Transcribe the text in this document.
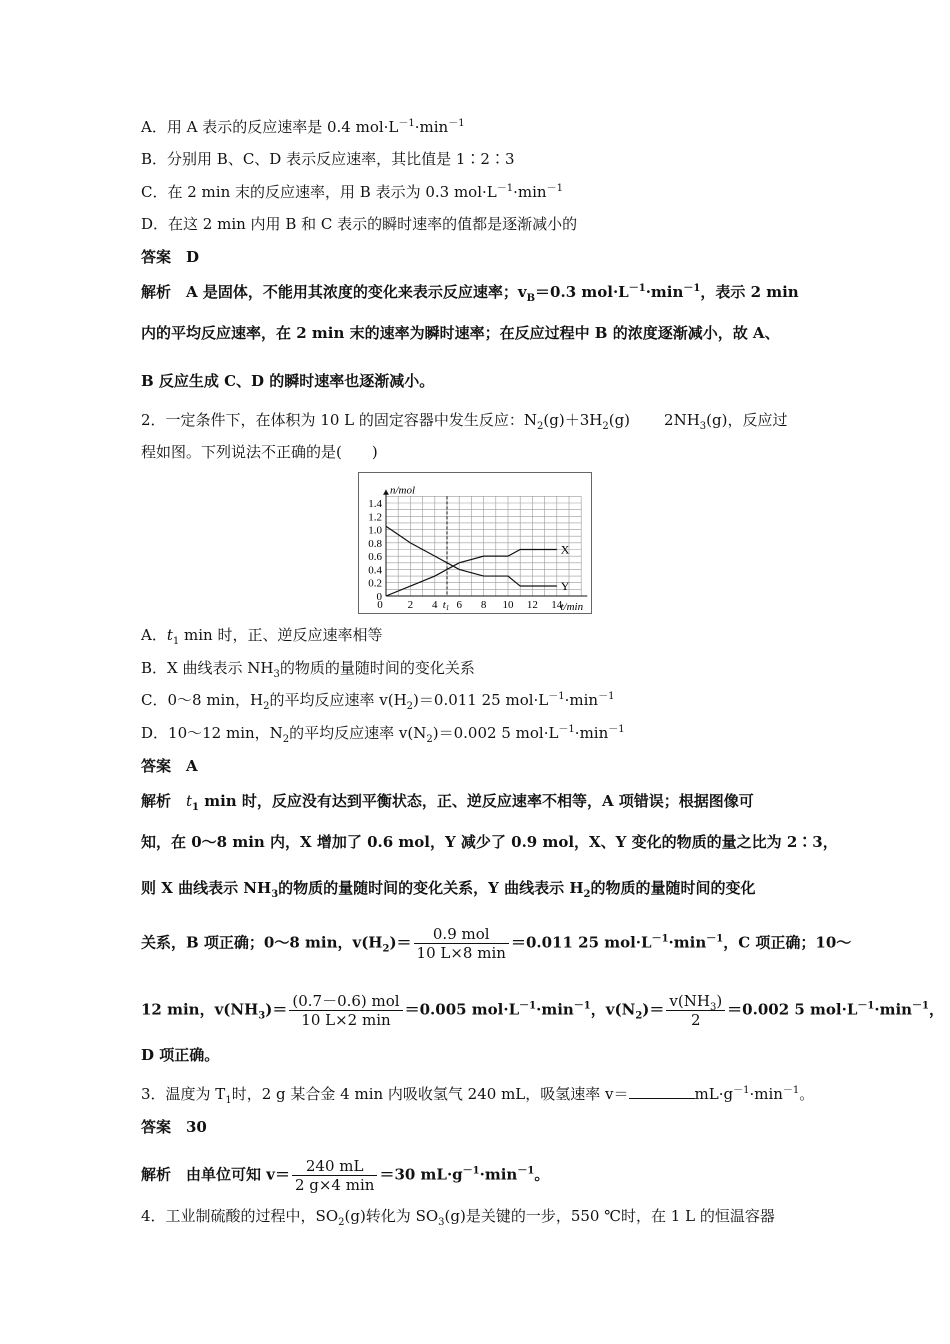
A．用 A 表示的反应速率是 0.4 $mol\cdot L^{-1}\cdot\min^{-1}$
B．分别用 B、C、D 表示反应速率，其比值是 1∶2∶3
C．在 2 min 末的反应速率，用 B 表示为 0.3 $mol\cdot L^{-1}\cdot\min^{-1}$
D．在这 2 min 内用 B 和 C 表示的瞬时速率的值都是逐渐减小的
答案　D
解析　A 是固体，不能用其浓度的变化来表示反应速率；$v_B=0.3$ $mol\cdot L^{-1}\cdot\min^{-1}$，表示 2 min
内的平均反应速率，在 2 min 末的速率为瞬时速率；在反应过程中 B 的浓度逐渐减小，故 A、
B 反应生成 C、D 的瞬时速率也逐渐减小。
2．一定条件下，在体积为 10 L 的固定容器中发生反应：$N_2(g)+3H_2(g)$ $2NH_3(g)$，反应过
程如图。下列说法不正确的是(　　)
0
0.2
0.4
0.6
0.8
1.0
1.2
1.4
2 4 t1 6 8 10 12 14
0
n/mol
t/min
X
Y
A．$t_1$ min 时，正、逆反应速率相等
B．X 曲线表示 $NH_3$的物质的量随时间的变化关系
C．0～8 min，$H_2$的平均反应速率 $v(H_2)=0.011$ 25 $mol\cdot L^{-1}\cdot\min^{-1}$
D．10～12 min，$N_2$的平均反应速率 $v(N_2)=0.002$ 5 $mol\cdot L^{-1}\cdot\min^{-1}$
答案　A
解析　$t_1$ min 时，反应没有达到平衡状态，正、逆反应速率不相等，A 项错误；根据图像可
知，在 0～8 min 内，X 增加了 0.6 mol，Y 减少了 0.9 mol，X、Y 变化的物质的量之比为 2∶3，
则 X 曲线表示 $NH_3$的物质的量随时间的变化关系，Y 曲线表示 $H_2$的物质的量随时间的变化
关系，B 项正确；0～8 min，$v(H_2)= \frac{\text{0.9 mol}}{10 L\times 8 \min} =0.011$ 25 $mol\cdot L^{-1}\cdot\min^{-1}$，C 项正确；10～
12 min，$v(NH_3)= \frac{\text{(0.7－0.6) mol}}{10 L\times 2 \min} =0.005$ $mol\cdot L^{-1}\cdot\min^{-1}$，$v(N_2)= \frac{v(NH_3)}{2} =0.002$ 5 $mol\cdot L^{-1}\cdot\min^{-1}$，
D 项正确。
3．温度为 $T_1$时，2 g 某合金 4 min 内吸收氢气 240 mL，吸氢速率 v＝	$mL\cdot g^{-1}\cdot\min^{-1}$。
答案　30
解析　由单位可知 $v= \frac{240 mL}{2 g\times 4 \min} =30$ $mL\cdot g^{-1}\cdot\min^{-1}$。
4．工业制硫酸的过程中，$SO_2(g)$转化为 $SO_3(g)$是关键的一步，550 ℃时，在 1 L 的恒温容器
